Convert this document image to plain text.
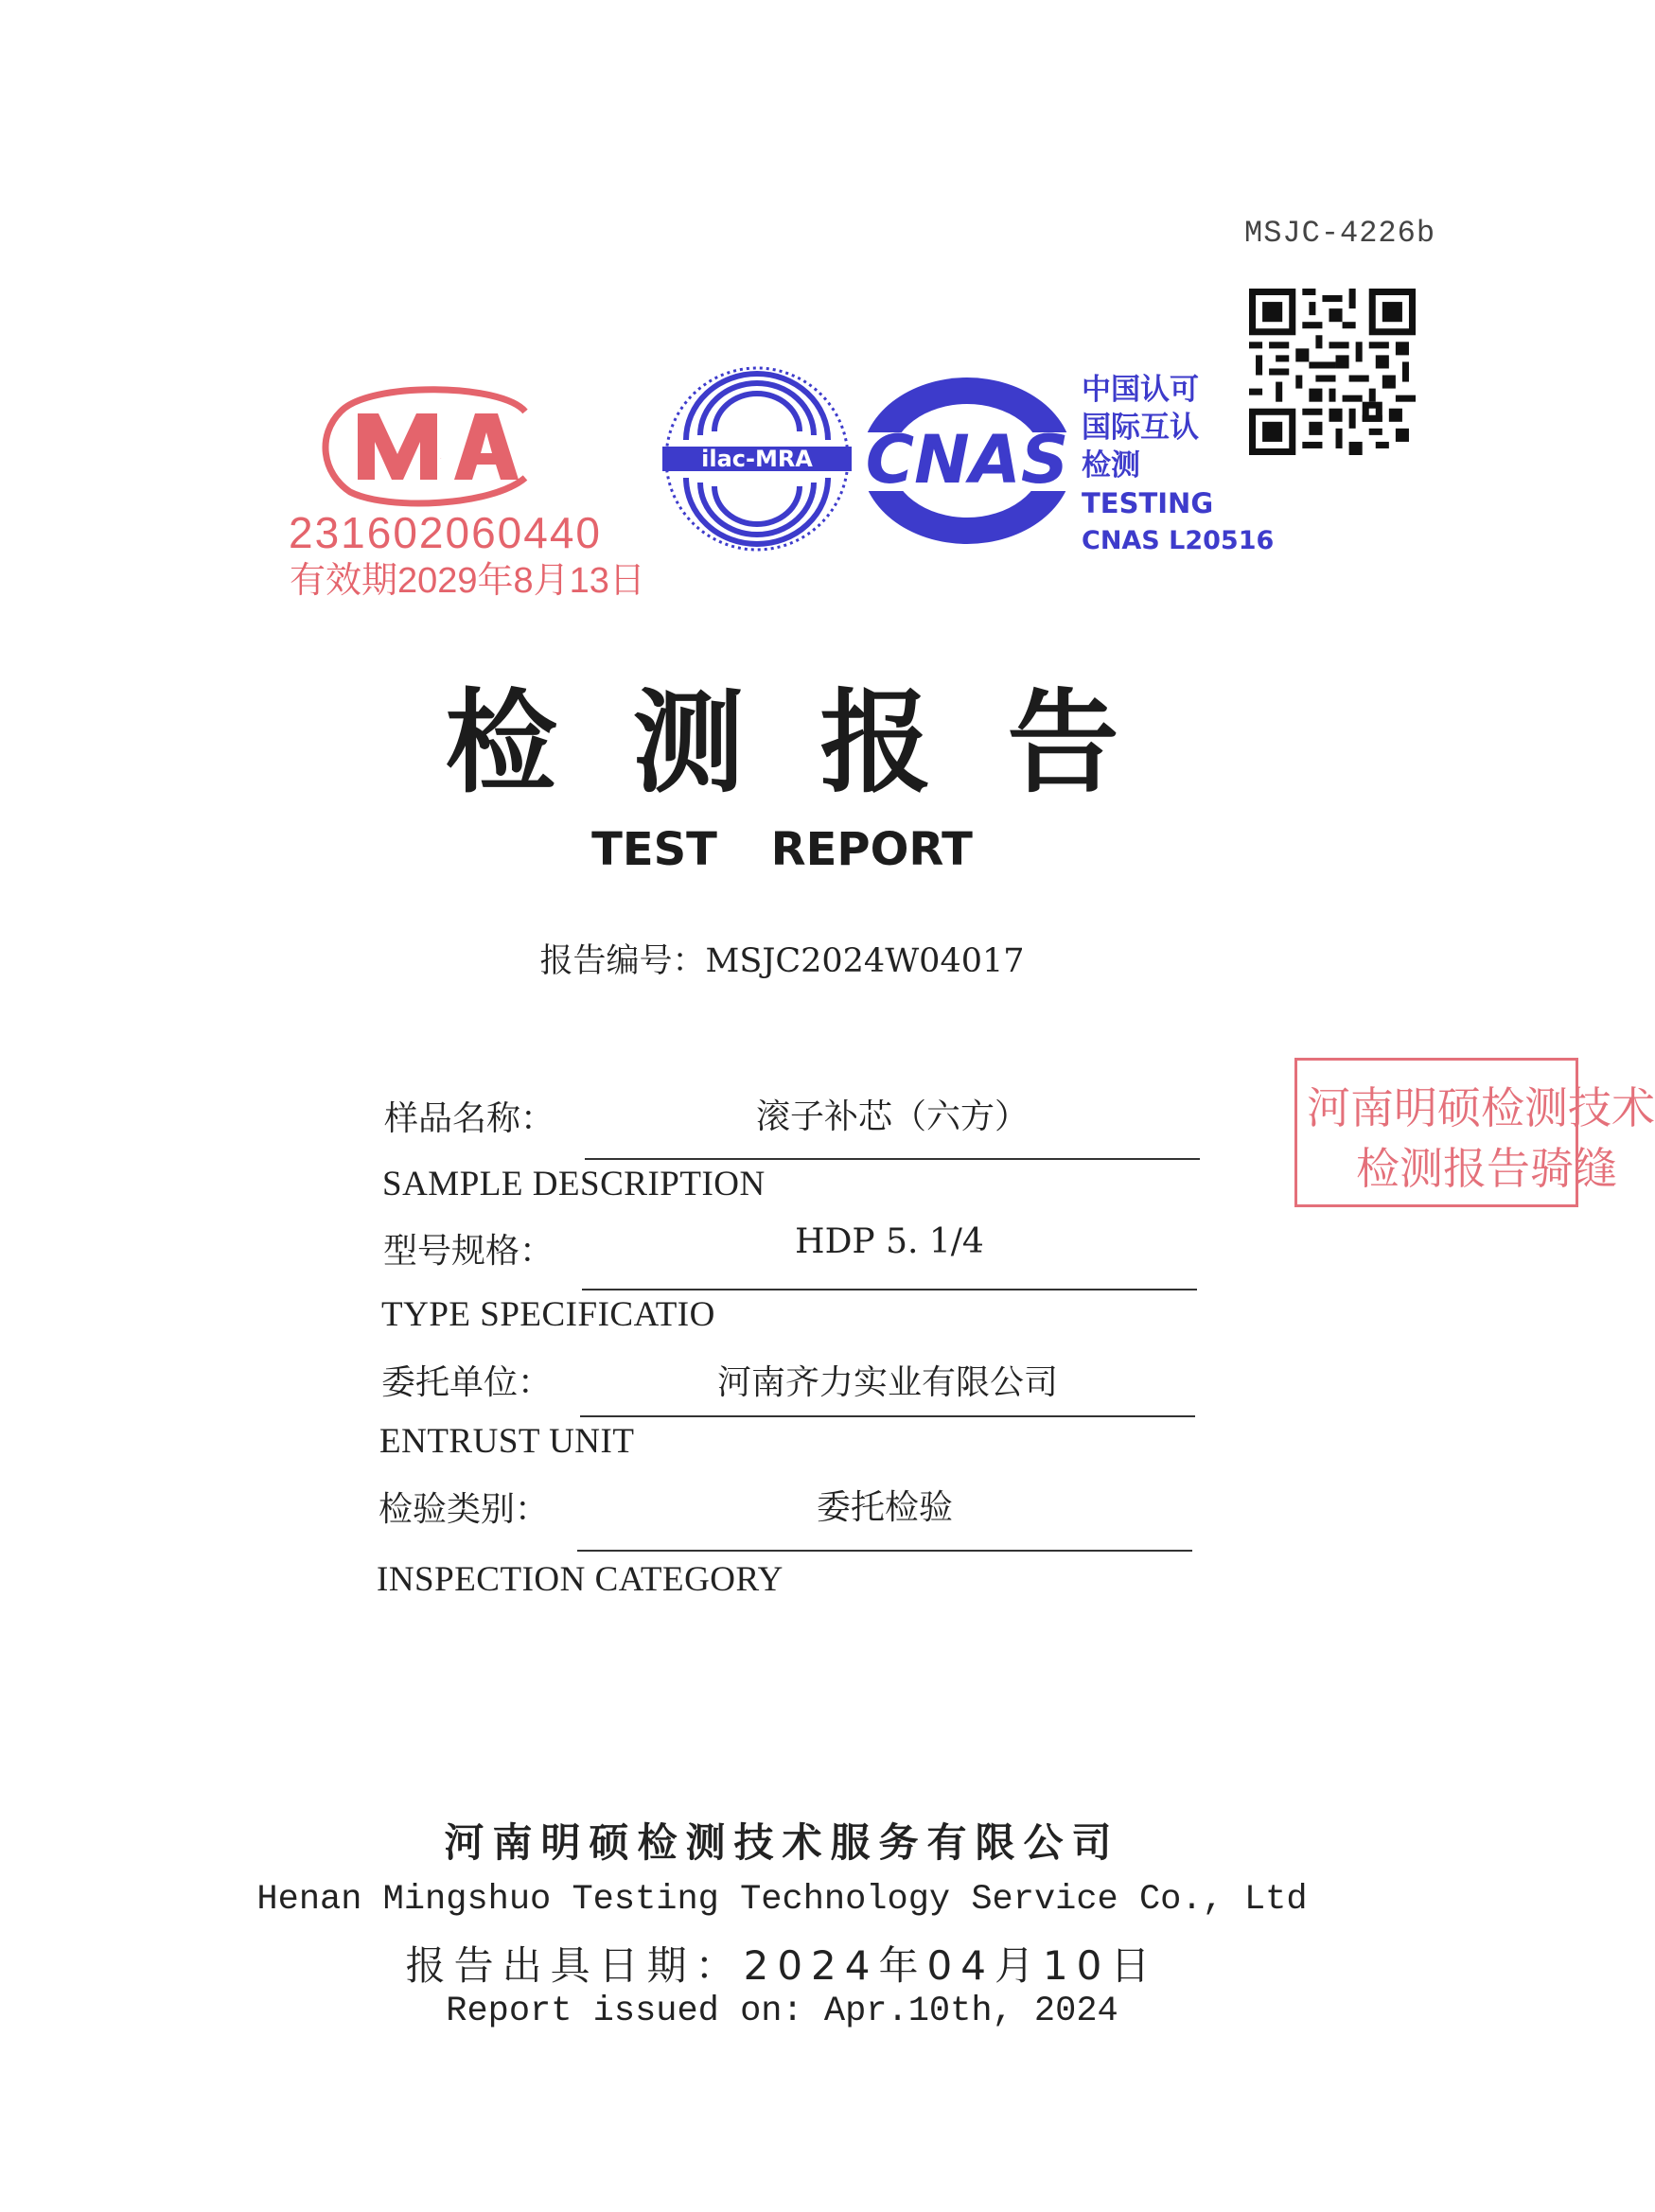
MSJC-4226b
MA
231602060440
有效期2029年8月13日
ilac-MRA CNAS
中国认可
国际互认
检测
TESTING
CNAS L20516
检测报告
TEST REPORT
报告编号：MSJC2024W04017
样品名称：	滚子补芯（六方）
SAMPLE DESCRIPTION
型号规格：	HDP 5. 1/4
TYPE SPECIFICATIO
委托单位：	河南齐力实业有限公司
ENTRUST UNIT
检验类别：	委托检验
INSPECTION CATEGORY
河南明硕检测技术
检测报告骑缝
河南明硕检测技术服务有限公司
Henan Mingshuo Testing Technology Service Co., Ltd
报告出具日期：2024年04月10日
Report issued on: Apr.10th, 2024
